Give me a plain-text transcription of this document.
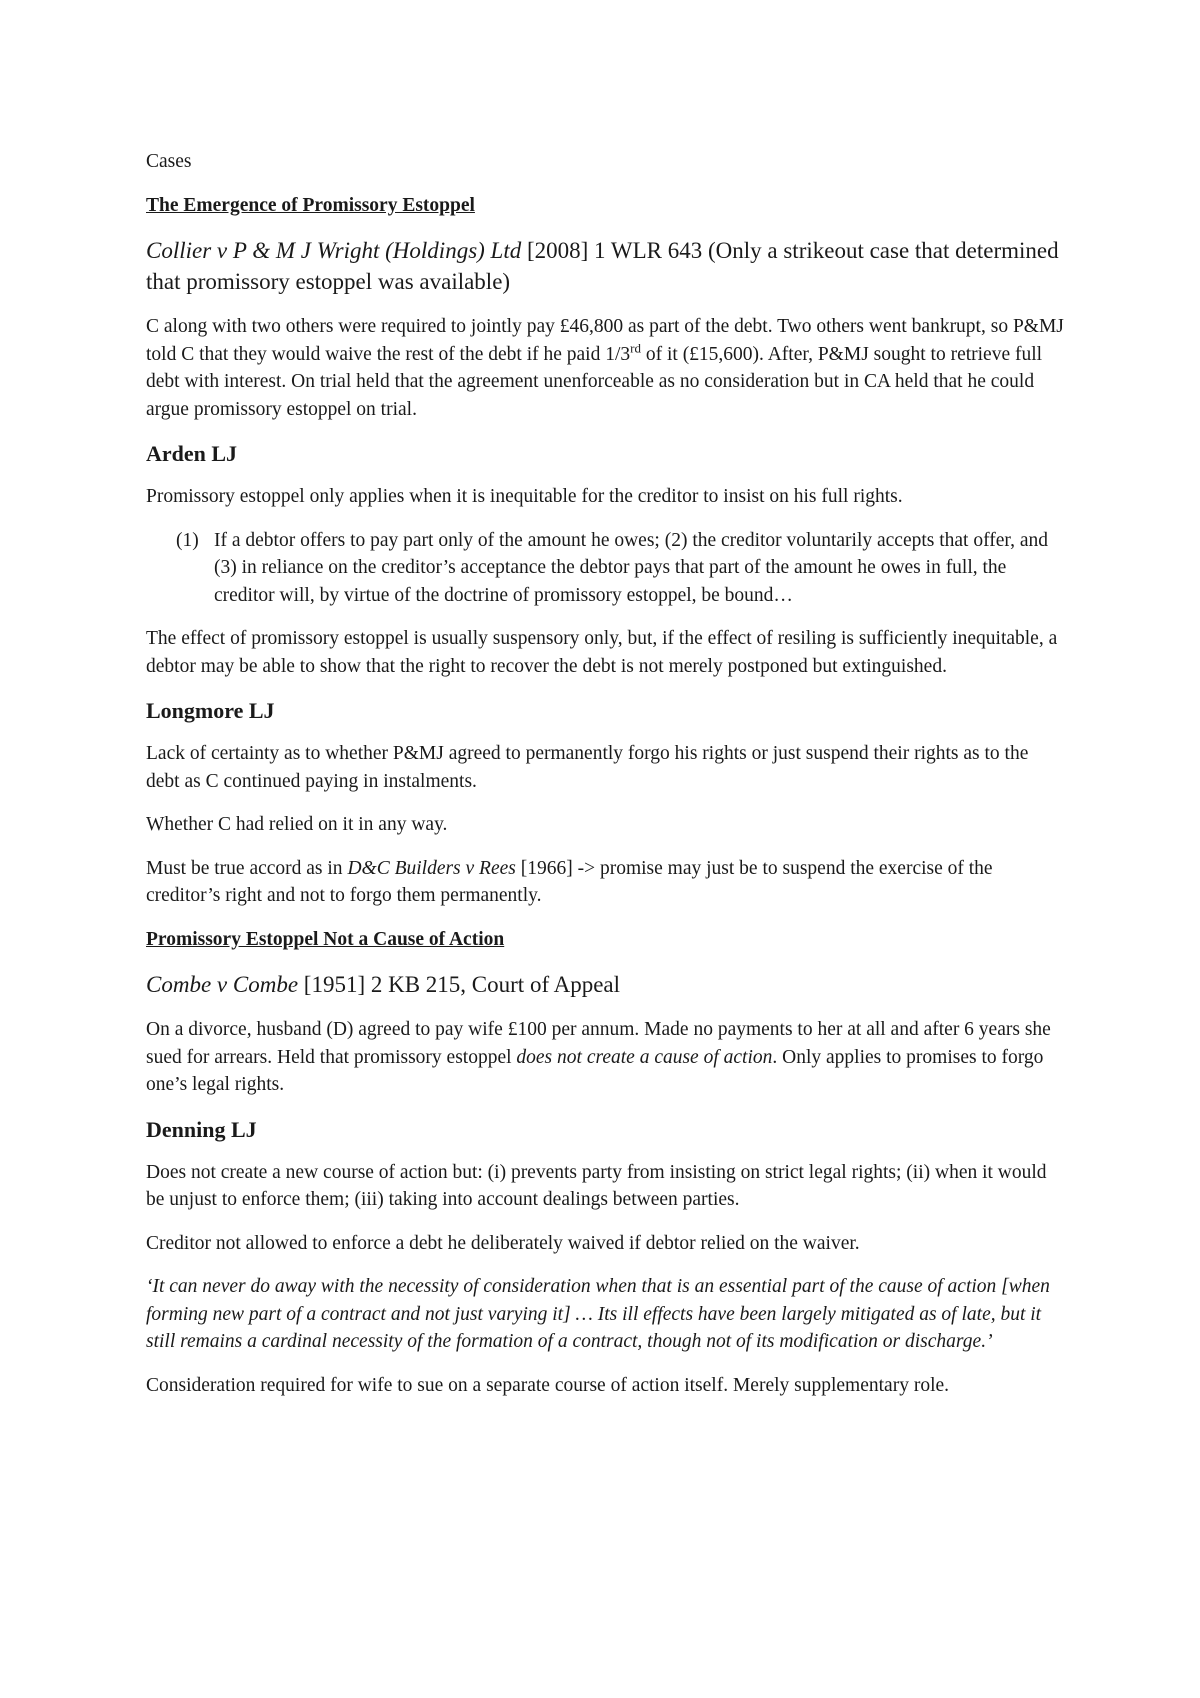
Cases

The Emergence of Promissory Estoppel

Collier v P & M J Wright (Holdings) Ltd [2008] 1 WLR 643 (Only a strikeout case that determined that promissory estoppel was available)

C along with two others were required to jointly pay £46,800 as part of the debt. Two others went bankrupt, so P&MJ told C that they would waive the rest of the debt if he paid 1/3rd of it (£15,600). After, P&MJ sought to retrieve full debt with interest. On trial held that the agreement unenforceable as no consideration but in CA held that he could argue promissory estoppel on trial.

Arden LJ

Promissory estoppel only applies when it is inequitable for the creditor to insist on his full rights.

(1) If a debtor offers to pay part only of the amount he owes; (2) the creditor voluntarily accepts that offer, and (3) in reliance on the creditor’s acceptance the debtor pays that part of the amount he owes in full, the creditor will, by virtue of the doctrine of promissory estoppel, be bound…

The effect of promissory estoppel is usually suspensory only, but, if the effect of resiling is sufficiently inequitable, a debtor may be able to show that the right to recover the debt is not merely postponed but extinguished.

Longmore LJ

Lack of certainty as to whether P&MJ agreed to permanently forgo his rights or just suspend their rights as to the debt as C continued paying in instalments.

Whether C had relied on it in any way.

Must be true accord as in D&C Builders v Rees [1966] -> promise may just be to suspend the exercise of the creditor’s right and not to forgo them permanently.

Promissory Estoppel Not a Cause of Action

Combe v Combe [1951] 2 KB 215, Court of Appeal

On a divorce, husband (D) agreed to pay wife £100 per annum. Made no payments to her at all and after 6 years she sued for arrears. Held that promissory estoppel does not create a cause of action. Only applies to promises to forgo one’s legal rights.

Denning LJ

Does not create a new course of action but: (i) prevents party from insisting on strict legal rights; (ii) when it would be unjust to enforce them; (iii) taking into account dealings between parties.

Creditor not allowed to enforce a debt he deliberately waived if debtor relied on the waiver.

‘It can never do away with the necessity of consideration when that is an essential part of the cause of action [when forming new part of a contract and not just varying it] … Its ill effects have been largely mitigated as of late, but it still remains a cardinal necessity of the formation of a contract, though not of its modification or discharge.’

Consideration required for wife to sue on a separate course of action itself. Merely supplementary role.
